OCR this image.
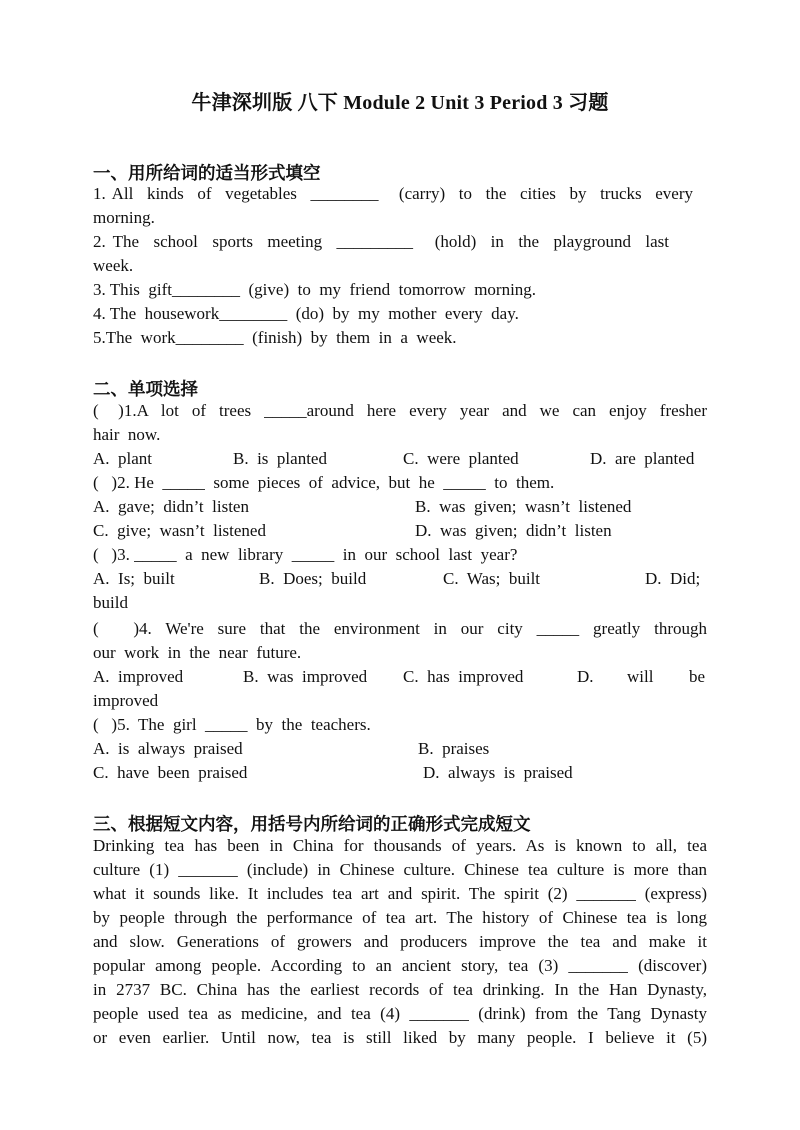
牛津深圳版 八下 Module 2 Unit 3 Period 3 习题
一、用所给词的适当形式填空
1. All  kinds  of  vegetables  ________   (carry)  to  the  cities  by  trucks  every
morning.
2. The  school  sports  meeting  _________   (hold)  in  the  playground  last
week.
3. This  gift________  (give)  to  my  friend  tomorrow  morning.
4. The  housework________  (do)  by  my  mother  every  day.
5.The  work________  (finish)  by  them  in  a  week.
二、单项选择
(   )1.A  lot  of  trees  _____around  here  every  year  and  we  can  enjoy  fresher
hair  now.
A.  plant	B.  is  planted	C.  were  planted	D.  are  planted
(   )2. He  _____  some  pieces  of  advice,  but  he  _____  to  them.
A.  gave;  didn’t  listen	B.  was  given;  wasn’t  listened
C.  give;  wasn’t  listened	D.  was  given;  didn’t  listen
(   )3. _____  a  new  library  _____  in  our  school  last  year?
A.  Is;  built	B.  Does;  build	C.  Was;  built	D.  Did;
build
(     )4.  We're  sure  that  the  environment  in  our  city  _____  greatly  through
our  work  in  the  near  future.
A.  improved	B.  was  improved C.  has  improved	D. will be
improved
(   )5.  The  girl  _____  by  the  teachers.
A.  is  always  praised	B.  praises
C.  have  been  praised	D.  always  is  praised
三、根据短文内容，用括号内所给词的正确形式完成短文
Drinking tea has been in China for thousands of years. As is known to all, tea
culture (1) _______ (include) in Chinese culture. Chinese tea culture is more than
what it sounds like. It includes tea art and spirit. The spirit (2) _______ (express)
by people through the performance of tea art. The history of Chinese tea is long
and slow. Generations of growers and producers improve the tea and make it
popular among people. According to an ancient story, tea (3) _______ (discover)
in 2737 BC. China has the earliest records of tea drinking. In the Han Dynasty,
people used tea as medicine, and tea (4) _______ (drink) from the Tang Dynasty
or even earlier. Until now, tea is still liked by many people. I believe it (5)
